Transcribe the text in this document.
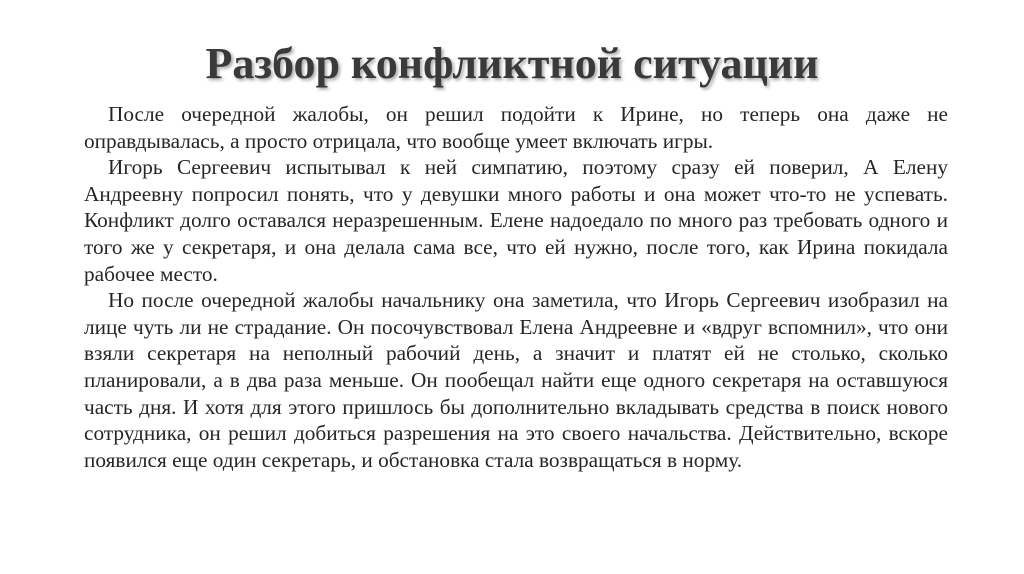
Разбор конфликтной ситуации

После очередной жалобы, он решил подойти к Ирине, но теперь она даже не оправдывалась, а просто отрицала, что вообще умеет включать игры.

Игорь Сергеевич испытывал к ней симпатию, поэтому сразу ей поверил, А Елену Андреевну попросил понять, что у девушки много работы и она может что-то не успевать. Конфликт долго оставался неразрешенным. Елене надоедало по много раз требовать одного и того же у секретаря, и она делала сама все, что ей нужно, после того, как Ирина покидала рабочее место.

Но после очередной жалобы начальнику она заметила, что Игорь Сергеевич изобразил на лице чуть ли не страдание. Он посочувствовал Елена Андреевне и «вдруг вспомнил», что они взяли секретаря на неполный рабочий день, а значит и платят ей не столько, сколько планировали, а в два раза меньше. Он пообещал найти еще одного секретаря на оставшуюся часть дня. И хотя для этого пришлось бы дополнительно вкладывать средства в поиск нового сотрудника, он решил добиться разрешения на это своего начальства. Действительно, вскоре появился еще один секретарь, и обстановка стала возвращаться в норму.
